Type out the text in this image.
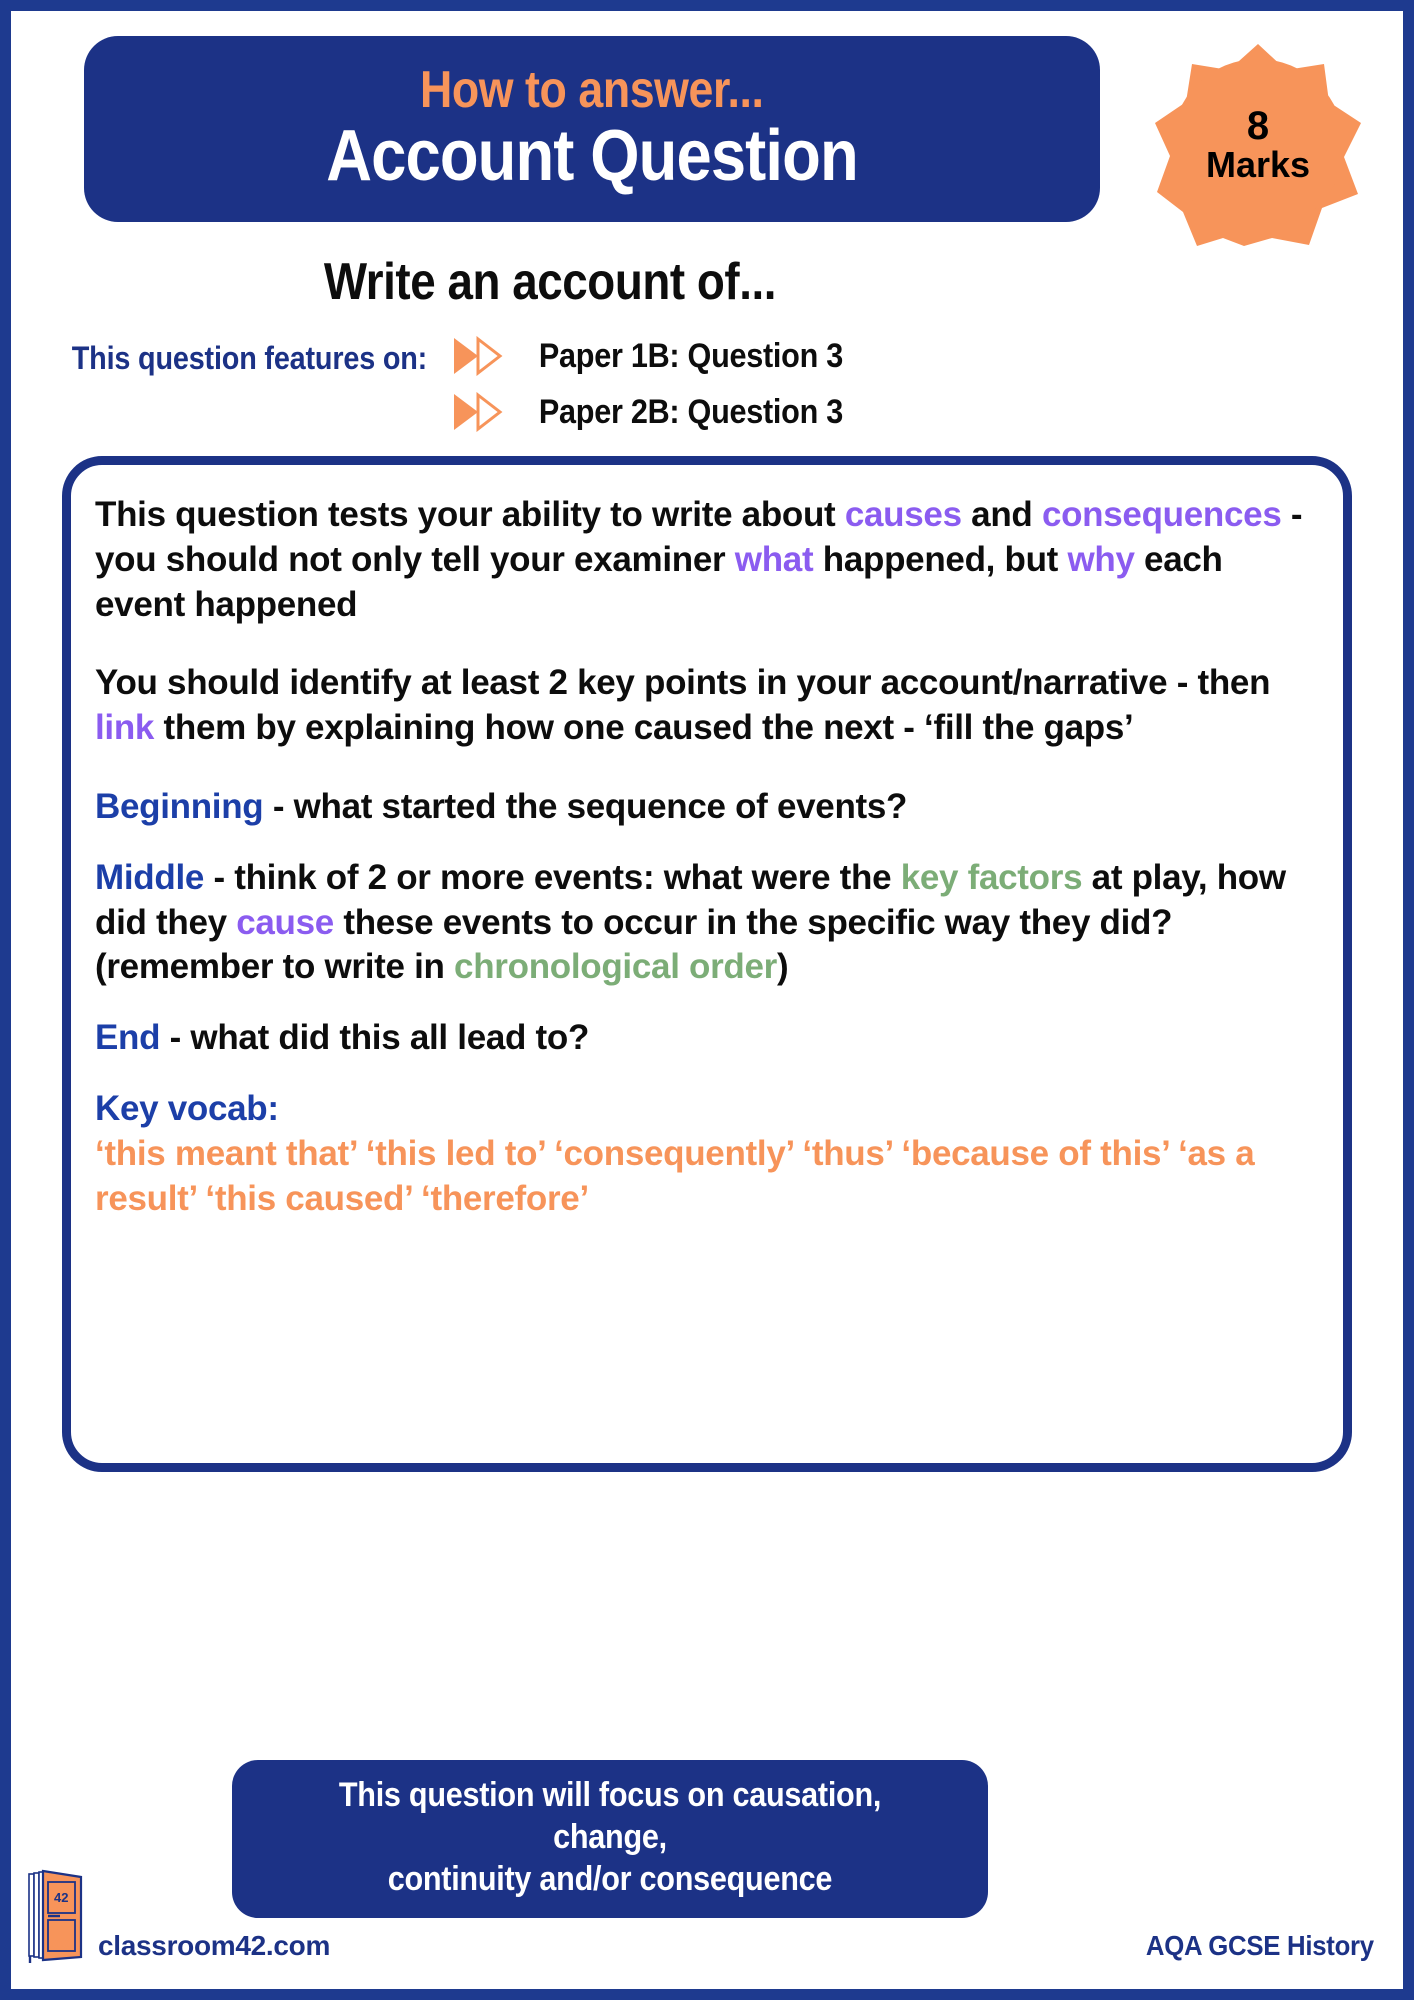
How to answer...
Account Question	8
Marks
Write an account of...
This question features on:	Paper 1B: Question 3
Paper 2B: Question 3

This question tests your ability to write about causes and consequences - you should not only tell your examiner what happened, but why each event happened

You should identify at least 2 key points in your account/narrative - then link them by explaining how one caused the next - ‘fill the gaps’

Beginning - what started the sequence of events?

Middle - think of 2 or more events: what were the key factors at play, how did they cause these events to occur in the specific way they did? (remember to write in chronological order)

End - what did this all lead to?

Key vocab:
‘this meant that’ ‘this led to’ ‘consequently’ ‘thus’ ‘because of this’ ‘as a result’ ‘this caused’ ‘therefore’

This question will focus on causation, change, continuity and/or consequence
42
classroom42.com	AQA GCSE History
